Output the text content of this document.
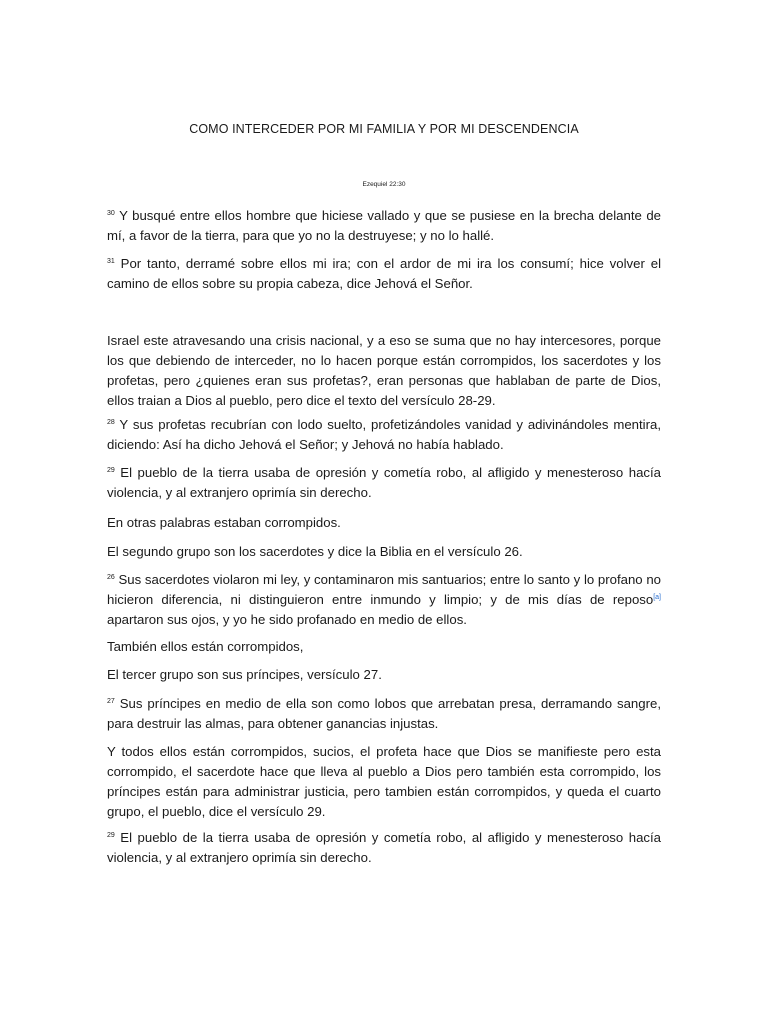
COMO INTERCEDER POR MI FAMILIA Y POR MI DESCENDENCIA
Ezequiel 22:30

$^{30}$ Y busqué entre ellos hombre que hiciese vallado y que se pusiese en la brecha delante de mí, a favor de la tierra, para que yo no la destruyese; y no lo hallé.

$^{31}$ Por tanto, derramé sobre ellos mi ira; con el ardor de mi ira los consumí; hice volver el camino de ellos sobre su propia cabeza, dice Jehová el Señor.

Israel este atravesando una crisis nacional, y a eso se suma que no hay intercesores, porque los que debiendo de interceder, no lo hacen porque están corrompidos, los sacerdotes y los profetas, pero ¿quienes eran sus profetas?, eran personas que hablaban de parte de Dios, ellos traian a Dios al pueblo, pero dice el texto del versículo 28-29.

$^{28}$ Y sus profetas recubrían con lodo suelto, profetizándoles vanidad y adivinándoles mentira, diciendo: Así ha dicho Jehová el Señor; y Jehová no había hablado.

$^{29}$ El pueblo de la tierra usaba de opresión y cometía robo, al afligido y menesteroso hacía violencia, y al extranjero oprimía sin derecho.

En otras palabras estaban corrompidos.

El segundo grupo son los sacerdotes y dice la Biblia en el versículo 26.

$^{26}$ Sus sacerdotes violaron mi ley, y contaminaron mis santuarios; entre lo santo y lo profano no hicieron diferencia, ni distinguieron entre inmundo y limpio; y de mis días de reposo[a] apartaron sus ojos, y yo he sido profanado en medio de ellos.

También ellos están corrompidos,

El tercer grupo son sus príncipes, versículo 27.

$^{27}$ Sus príncipes en medio de ella son como lobos que arrebatan presa, derramando sangre, para destruir las almas, para obtener ganancias injustas.

Y todos ellos están corrompidos, sucios, el profeta hace que Dios se manifieste pero esta corrompido, el sacerdote hace que lleva al pueblo a Dios pero también esta corrompido, los príncipes están para administrar justicia, pero tambien están corrompidos, y queda el cuarto grupo, el pueblo, dice el versículo 29.

$^{29}$ El pueblo de la tierra usaba de opresión y cometía robo, al afligido y menesteroso hacía violencia, y al extranjero oprimía sin derecho.
